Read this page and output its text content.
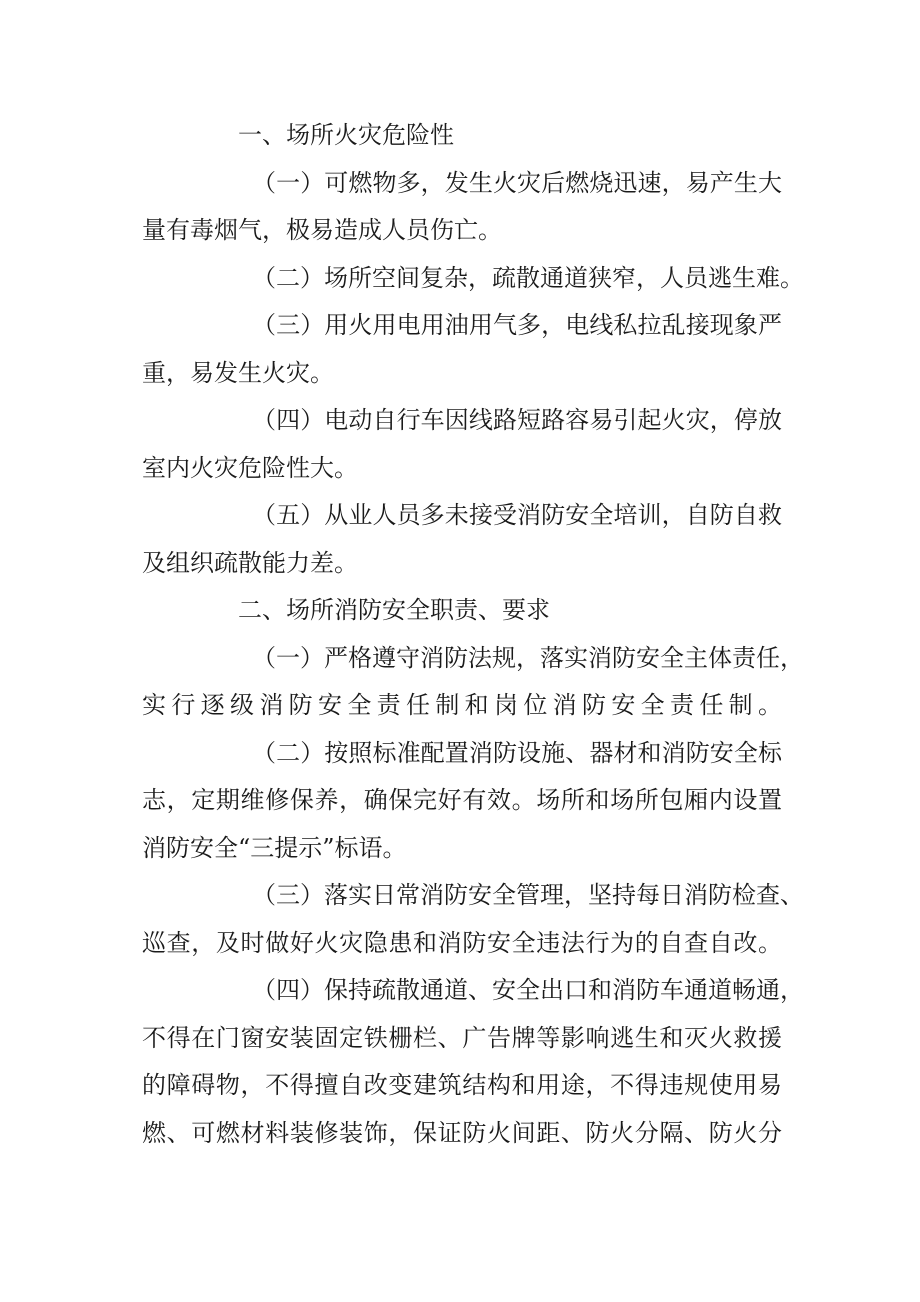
一、场所火灾危险性
（一）可燃物多，发生火灾后燃烧迅速，易产生大
量有毒烟气，极易造成人员伤亡。
（二）场所空间复杂，疏散通道狭窄，人员逃生难。
（三）用火用电用油用气多，电线私拉乱接现象严
重，易发生火灾。
（四）电动自行车因线路短路容易引起火灾，停放
室内火灾危险性大。
（五）从业人员多未接受消防安全培训，自防自救
及组织疏散能力差。
二、场所消防安全职责、要求
（一）严格遵守消防法规，落实消防安全主体责任，
实行逐级消防安全责任制和岗位消防安全责任制。
（二）按照标准配置消防设施、器材和消防安全标
志，定期维修保养，确保完好有效。场所和场所包厢内设置
消防安全“三提示”标语。
（三）落实日常消防安全管理，坚持每日消防检查、
巡查，及时做好火灾隐患和消防安全违法行为的自查自改。
（四）保持疏散通道、安全出口和消防车通道畅通，
不得在门窗安装固定铁栅栏、广告牌等影响逃生和灭火救援
的障碍物，不得擅自改变建筑结构和用途，不得违规使用易
燃、可燃材料装修装饰，保证防火间距、防火分隔、防火分
